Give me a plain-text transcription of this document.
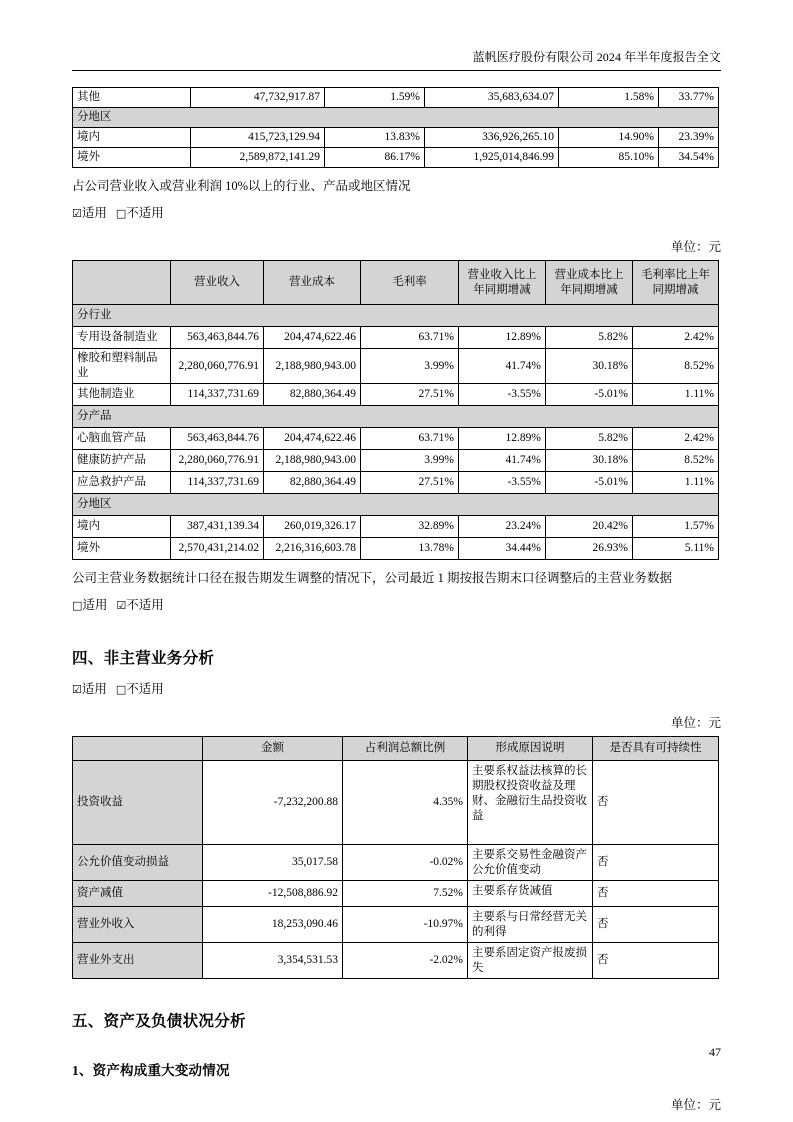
蓝帆医疗股份有限公司 2024 年半年度报告全文
其他	47,732,917.87	1.59%	35,683,634.07	1.58%	33.77%
分地区					
境内	415,723,129.94	13.83%	336,926,265.10	14.90%	23.39%
境外	2,589,872,141.29	86.17%	1,925,014,846.99	85.10%	34.54%

占公司营业收入或营业利润 10%以上的行业、产品或地区情况

☑适用 □不适用

单位：元
	营业收入	营业成本	毛利率	营业收入比上年同期增减	营业成本比上年同期增减	毛利率比上年同期增减
分行业						
专用设备制造业	563,463,844.76	204,474,622.46	63.71%	12.89%	5.82%	2.42%
橡胶和塑料制品业	2,280,060,776.91	2,188,980,943.00	3.99%	41.74%	30.18%	8.52%
其他制造业	114,337,731.69	82,880,364.49	27.51%	-3.55%	-5.01%	1.11%
分产品						
心脑血管产品	563,463,844.76	204,474,622.46	63.71%	12.89%	5.82%	2.42%
健康防护产品	2,280,060,776.91	2,188,980,943.00	3.99%	41.74%	30.18%	8.52%
应急救护产品	114,337,731.69	82,880,364.49	27.51%	-3.55%	-5.01%	1.11%
分地区						
境内	387,431,139.34	260,019,326.17	32.89%	23.24%	20.42%	1.57%
境外	2,570,431,214.02	2,216,316,603.78	13.78%	34.44%	26.93%	5.11%

公司主营业务数据统计口径在报告期发生调整的情况下，公司最近 1 期按报告期末口径调整后的主营业务数据

□适用 ☑不适用

四、非主营业务分析

☑适用 □不适用

单位：元
	金额	占利润总额比例	形成原因说明	是否具有可持续性
投资收益	-7,232,200.88	4.35%	主要系权益法核算的长期股权投资收益及理财、金融衍生品投资收益	否
公允价值变动损益	35,017.58	-0.02%	主要系交易性金融资产公允价值变动	否
资产减值	-12,508,886.92	7.52%	主要系存货减值	否
营业外收入	18,253,090.46	-10.97%	主要系与日常经营无关的利得	否
营业外支出	3,354,531.53	-2.02%	主要系固定资产报废损失	否
五、资产及负债状况分析
1、资产构成重大变动情况
单位：元
47
